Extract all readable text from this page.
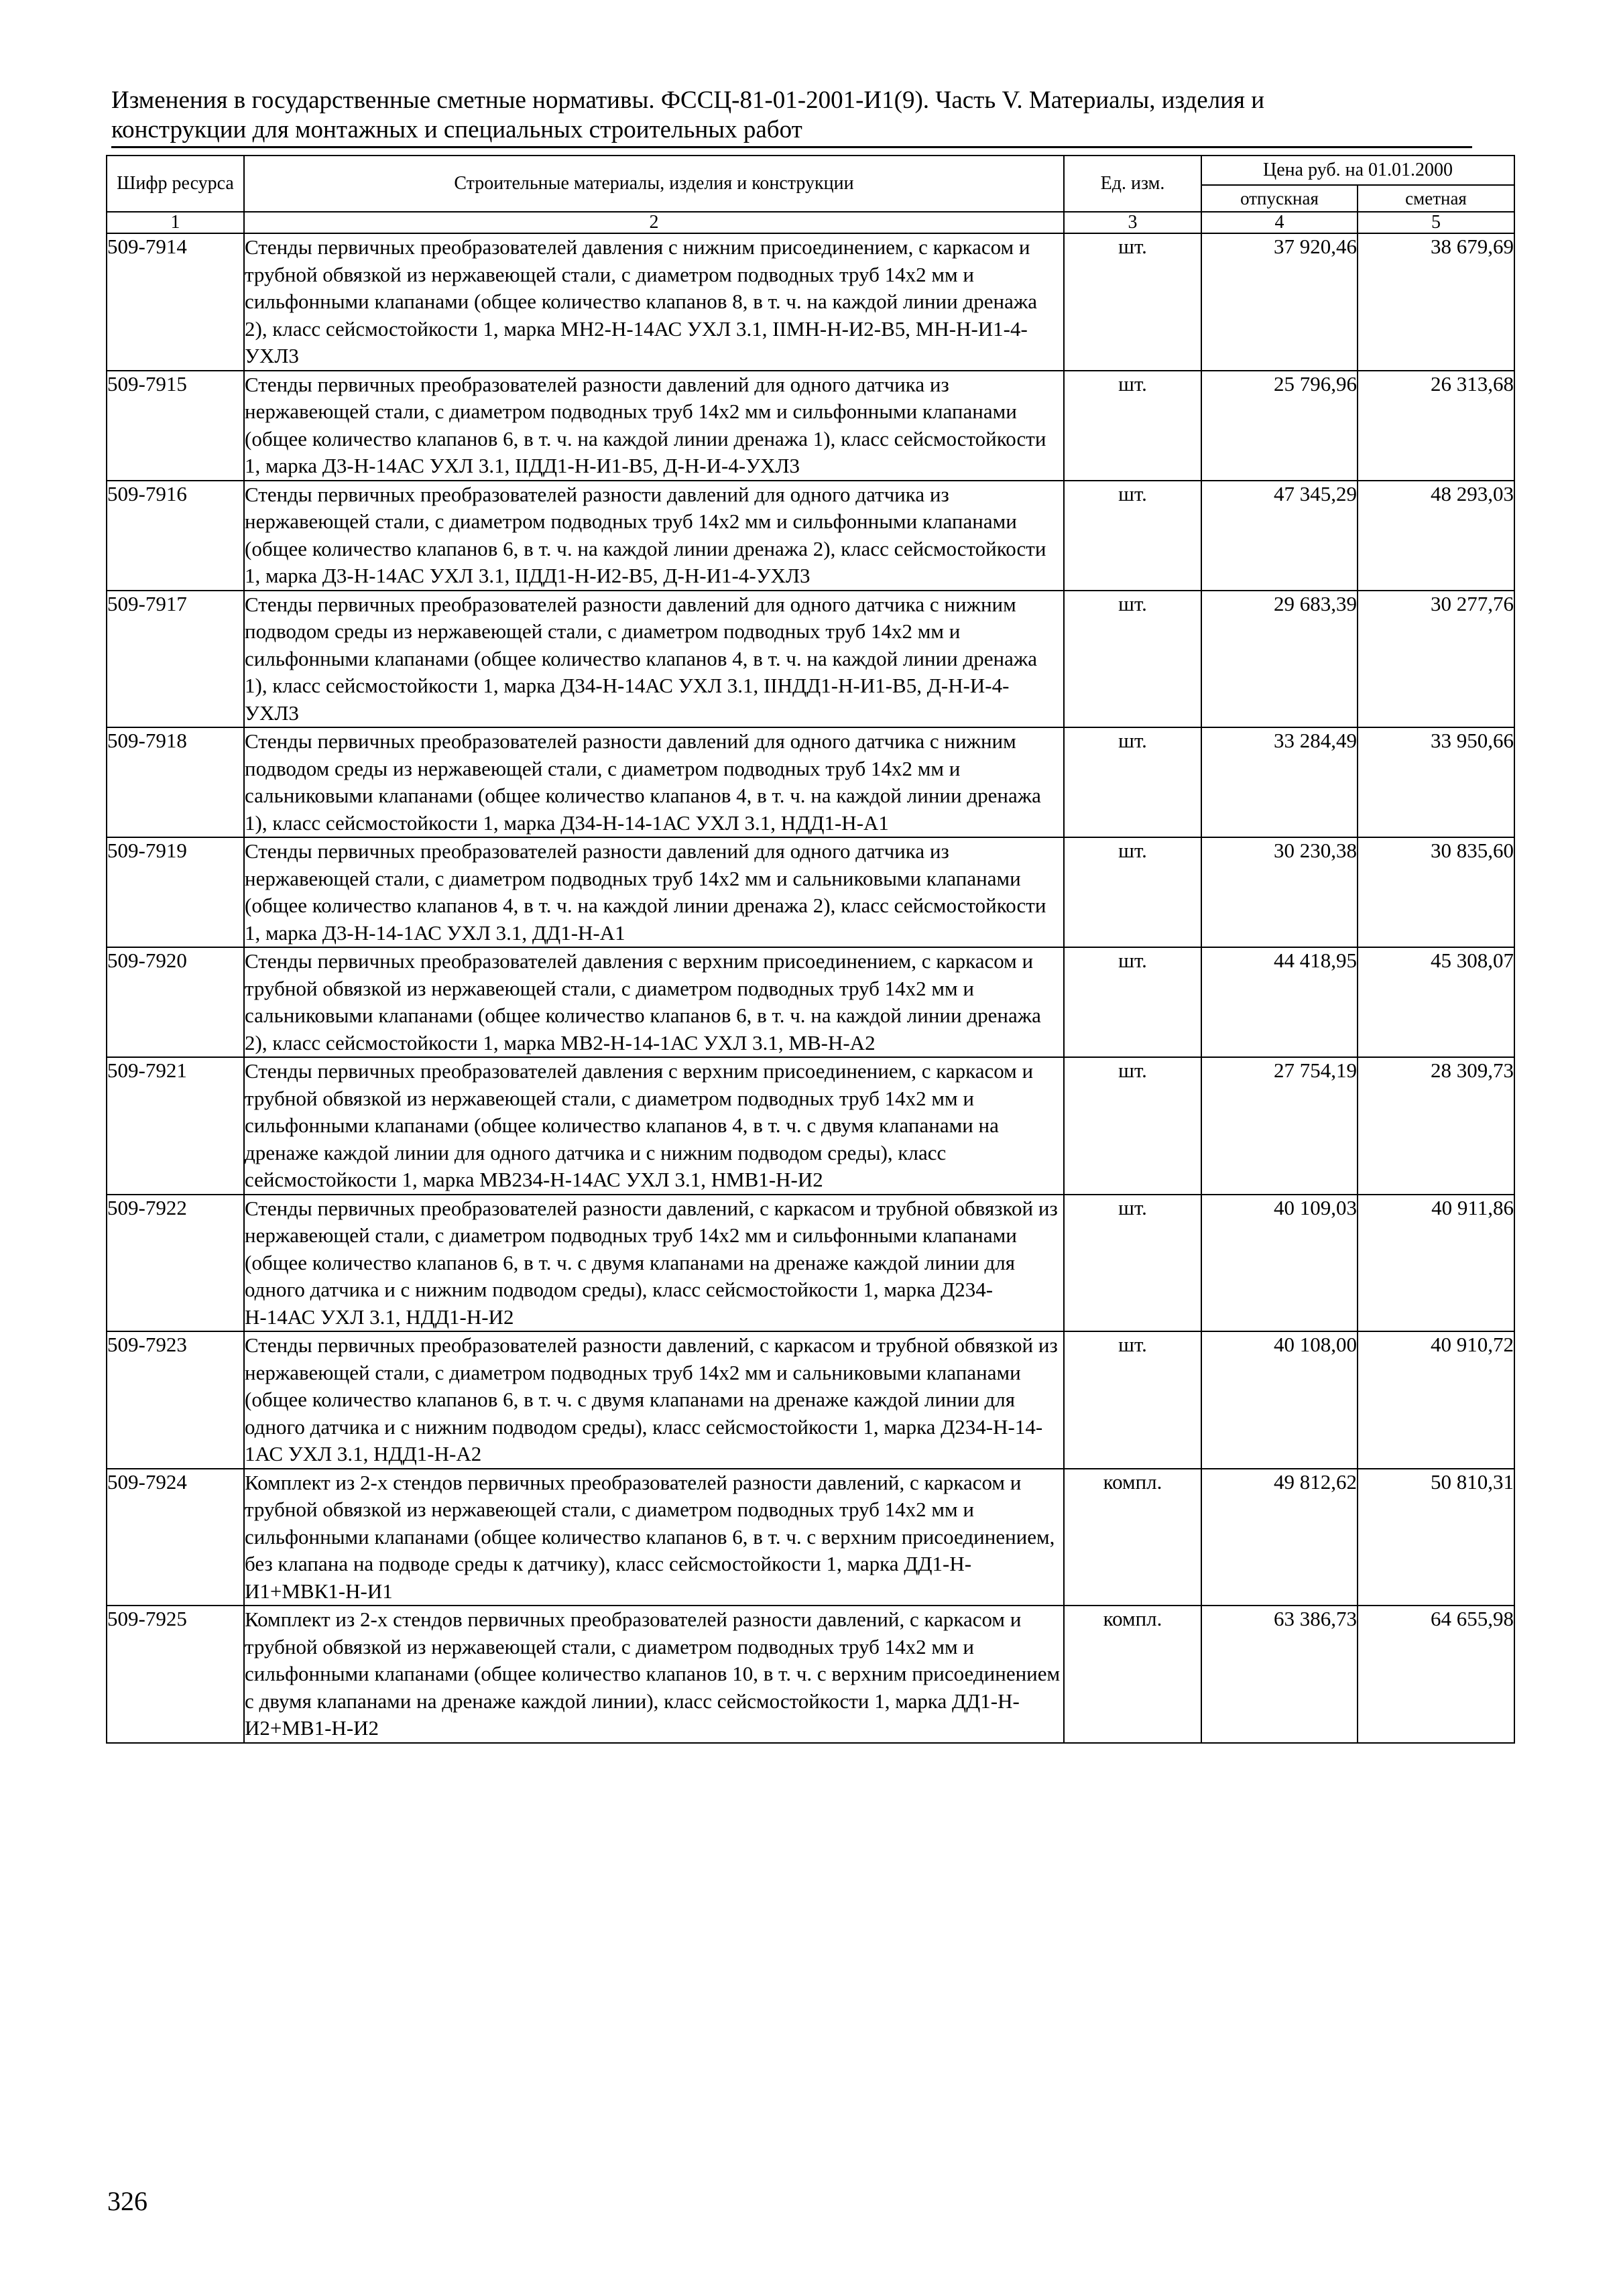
Изменения в государственные сметные нормативы. ФССЦ-81-01-2001-И1(9). Часть V. Материалы, изделия и
конструкции для монтажных и специальных строительных работ
Шифр ресурса	Строительные материалы, изделия и конструкции	Ед. изм.	Цена руб. на 01.01.2000	
			отпускная	сметная
1	2	3	4	5
509-7914	Стенды первичных преобразователей давления с нижним присоединением, с каркасом и трубной обвязкой из нержавеющей стали, с диаметром подводных труб 14х2 мм и сильфонными клапанами (общее количество клапанов 8, в т. ч. на каждой линии дренажа 2), класс сейсмостойкости 1, марка МН2-Н-14АС УХЛ 3.1, IIМН-Н-И2-В5, МН-Н-И1-4-УХЛ3	шт.	37 920,46	38 679,69
509-7915	Стенды первичных преобразователей разности давлений для одного датчика из нержавеющей стали, с диаметром подводных труб 14х2 мм и сильфонными клапанами (общее количество клапанов 6, в т. ч. на каждой линии дренажа 1), класс сейсмостойкости 1, марка Д3-Н-14АС УХЛ 3.1, IIДД1-Н-И1-В5, Д-Н-И-4-УХЛ3	шт.	25 796,96	26 313,68
509-7916	Стенды первичных преобразователей разности давлений для одного датчика из нержавеющей стали, с диаметром подводных труб 14х2 мм и сильфонными клапанами (общее количество клапанов 6, в т. ч. на каждой линии дренажа 2), класс сейсмостойкости 1, марка Д3-Н-14АС УХЛ 3.1, IIДД1-Н-И2-В5, Д-Н-И1-4-УХЛ3	шт.	47 345,29	48 293,03
509-7917	Стенды первичных преобразователей разности давлений для одного датчика с нижним подводом среды из нержавеющей стали, с диаметром подводных труб 14х2 мм и сильфонными клапанами (общее количество клапанов 4, в т. ч. на каждой линии дренажа 1), класс сейсмостойкости 1, марка Д34-Н-14АС УХЛ 3.1, IIНДД1-Н-И1-В5, Д-Н-И-4-УХЛ3	шт.	29 683,39	30 277,76
509-7918	Стенды первичных преобразователей разности давлений для одного датчика с нижним подводом среды из нержавеющей стали, с диаметром подводных труб 14х2 мм и сальниковыми клапанами (общее количество клапанов 4, в т. ч. на каждой линии дренажа 1), класс сейсмостойкости 1, марка Д34-Н-14-1АС УХЛ 3.1, НДД1-Н-А1	шт.	33 284,49	33 950,66
509-7919	Стенды первичных преобразователей разности давлений для одного датчика из нержавеющей стали, с диаметром подводных труб 14х2 мм и сальниковыми клапанами (общее количество клапанов 4, в т. ч. на каждой линии дренажа 2), класс сейсмостойкости 1, марка Д3-Н-14-1АС УХЛ 3.1, ДД1-Н-А1	шт.	30 230,38	30 835,60
509-7920	Стенды первичных преобразователей давления с верхним присоединением, с каркасом и трубной обвязкой из нержавеющей стали, с диаметром подводных труб 14х2 мм и сальниковыми клапанами (общее количество клапанов 6, в т. ч. на каждой линии дренажа 2), класс сейсмостойкости 1, марка МВ2-Н-14-1АС УХЛ 3.1, МВ-Н-А2	шт.	44 418,95	45 308,07
509-7921	Стенды первичных преобразователей давления с верхним присоединением, с каркасом и трубной обвязкой из нержавеющей стали, с диаметром подводных труб 14х2 мм и сильфонными клапанами (общее количество клапанов 4, в т. ч. с двумя клапанами на дренаже каждой линии для одного датчика и с нижним подводом среды), класс сейсмостойкости 1, марка МВ234-Н-14АС УХЛ 3.1, НМВ1-Н-И2	шт.	27 754,19	28 309,73
509-7922	Стенды первичных преобразователей разности давлений, с каркасом и трубной обвязкой из нержавеющей стали, с диаметром подводных труб 14х2 мм и сильфонными клапанами (общее количество клапанов 6, в т. ч. с двумя клапанами на дренаже каждой линии для одного датчика и с нижним подводом среды), класс сейсмостойкости 1, марка Д234-Н-14АС УХЛ 3.1, НДД1-Н-И2	шт.	40 109,03	40 911,86
509-7923	Стенды первичных преобразователей разности давлений, с каркасом и трубной обвязкой из нержавеющей стали, с диаметром подводных труб 14х2 мм и сальниковыми клапанами (общее количество клапанов 6, в т. ч. с двумя клапанами на дренаже каждой линии для одного датчика и с нижним подводом среды), класс сейсмостойкости 1, марка Д234-Н-14-1АС УХЛ 3.1, НДД1-Н-А2	шт.	40 108,00	40 910,72
509-7924	Комплект из 2-х стендов первичных преобразователей разности давлений, с каркасом и трубной обвязкой из нержавеющей стали, с диаметром подводных труб 14х2 мм и сильфонными клапанами (общее количество клапанов 6, в т. ч. с верхним присоединением, без клапана на подводе среды к датчику), класс сейсмостойкости 1, марка ДД1-Н-И1+МВК1-Н-И1	компл.	49 812,62	50 810,31
509-7925	Комплект из 2-х стендов первичных преобразователей разности давлений, с каркасом и трубной обвязкой из нержавеющей стали, с диаметром подводных труб 14х2 мм и сильфонными клапанами (общее количество клапанов 10, в т. ч. с верхним присоединением с двумя клапанами на дренаже каждой линии), класс сейсмостойкости 1, марка ДД1-Н-И2+МВ1-Н-И2	компл.	63 386,73	64 655,98
326
